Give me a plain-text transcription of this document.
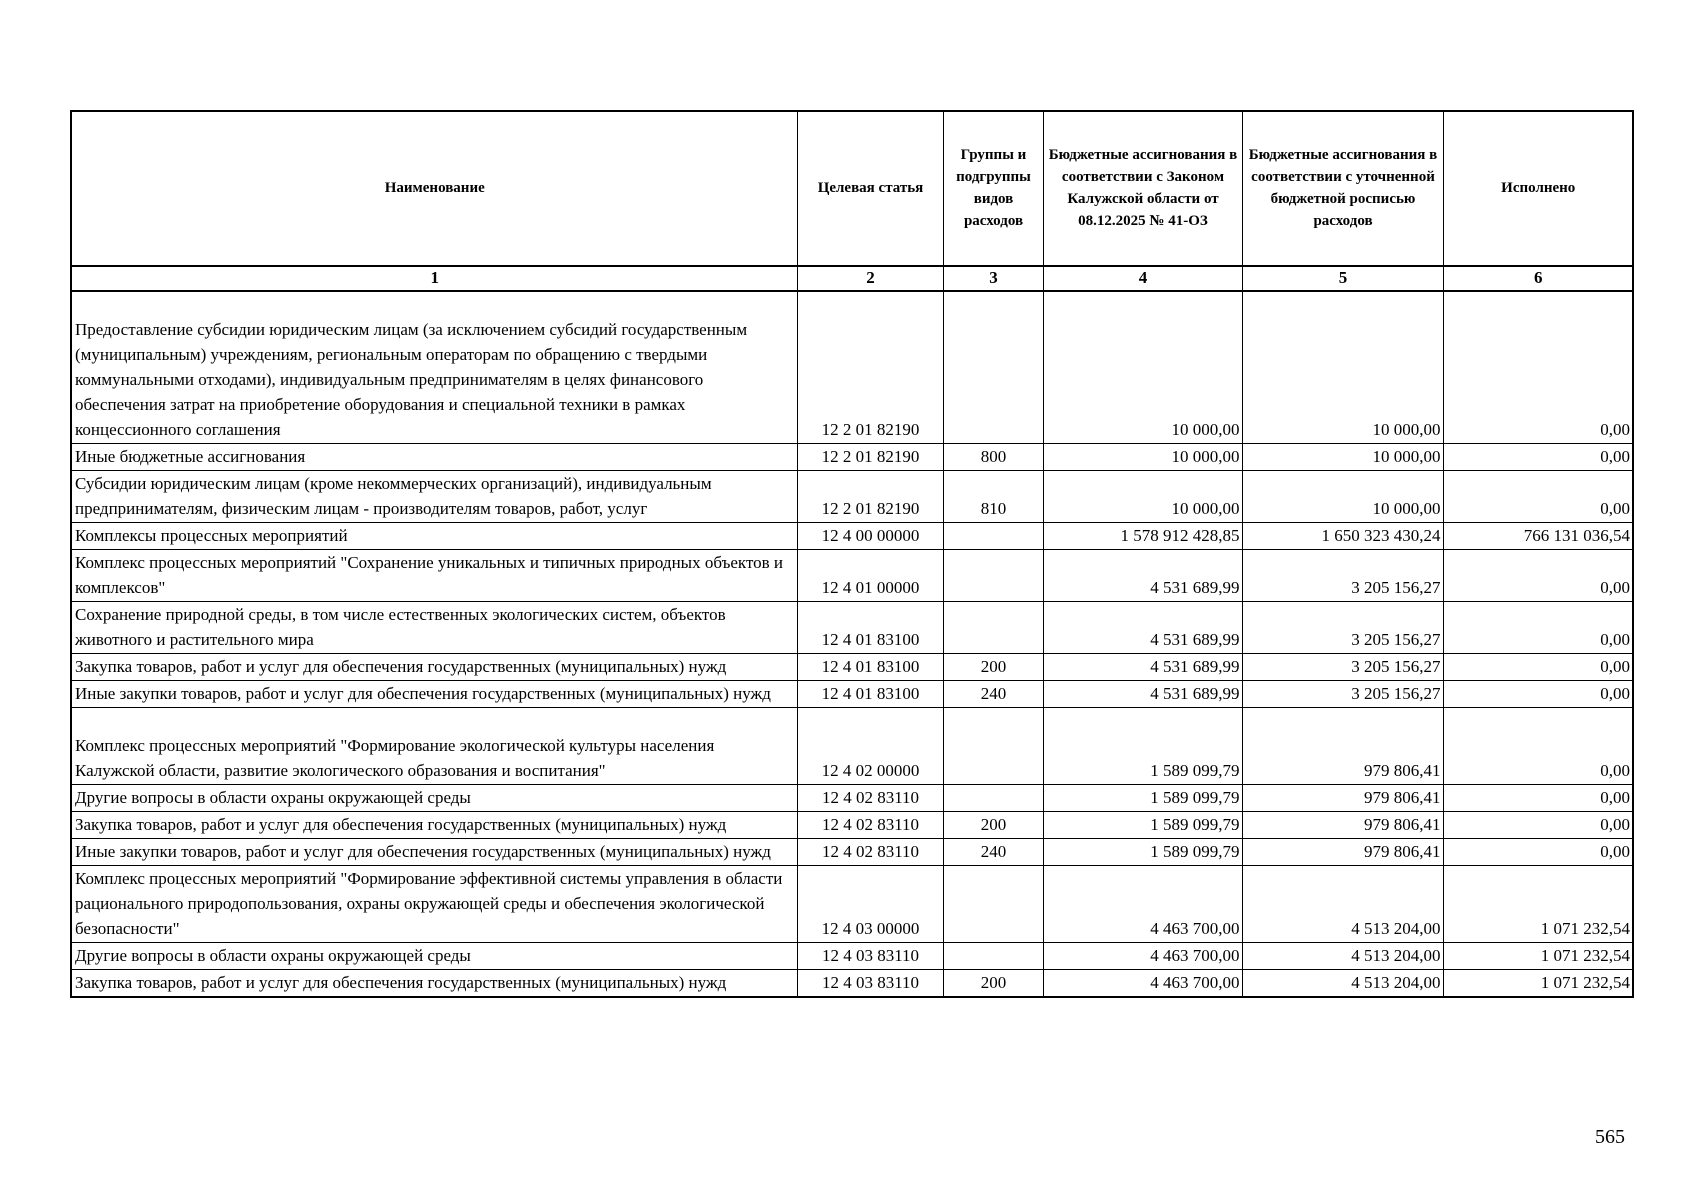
Наименование	Целевая статья	Группы и подгруппы видов расходов	Бюджетные ассигнования в соответствии с Законом Калужской области от 08.12.2025 № 41-ОЗ	Бюджетные ассигнования в соответствии с уточненной бюджетной росписью расходов	Исполнено
1	2	3	4	5	6

Предоставление субсидии юридическим лицам (за исключением субсидий государственным (муниципальным) учреждениям, региональным операторам по обращению с твердыми коммунальными отходами), индивидуальным предпринимателям в целях финансового обеспечения затрат на приобретение оборудования и специальной техники в рамках концессионного соглашения	12 2 01 82190		10 000,00	10 000,00	0,00
Иные бюджетные ассигнования	12 2 01 82190	800	10 000,00	10 000,00	0,00
Субсидии юридическим лицам (кроме некоммерческих организаций), индивидуальным предпринимателям, физическим лицам - производителям товаров, работ, услуг	12 2 01 82190	810	10 000,00	10 000,00	0,00
Комплексы процессных мероприятий	12 4 00 00000		1 578 912 428,85	1 650 323 430,24	766 131 036,54
Комплекс процессных мероприятий "Сохранение уникальных и типичных природных объектов и комплексов"	12 4 01 00000		4 531 689,99	3 205 156,27	0,00
Сохранение природной среды, в том числе естественных экологических систем, объектов животного и растительного мира	12 4 01 83100		4 531 689,99	3 205 156,27	0,00
Закупка товаров, работ и услуг для обеспечения государственных (муниципальных) нужд	12 4 01 83100	200	4 531 689,99	3 205 156,27	0,00
Иные закупки товаров, работ и услуг для обеспечения государственных (муниципальных) нужд	12 4 01 83100	240	4 531 689,99	3 205 156,27	0,00

Комплекс процессных мероприятий "Формирование экологической культуры населения Калужской области, развитие экологического образования и воспитания"	12 4 02 00000		1 589 099,79	979 806,41	0,00
Другие вопросы в области охраны окружающей среды	12 4 02 83110		1 589 099,79	979 806,41	0,00
Закупка товаров, работ и услуг для обеспечения государственных (муниципальных) нужд	12 4 02 83110	200	1 589 099,79	979 806,41	0,00
Иные закупки товаров, работ и услуг для обеспечения государственных (муниципальных) нужд	12 4 02 83110	240	1 589 099,79	979 806,41	0,00
Комплекс процессных мероприятий "Формирование эффективной системы управления в области рационального природопользования, охраны окружающей среды и обеспечения экологической безопасности"	12 4 03 00000		4 463 700,00	4 513 204,00	1 071 232,54
Другие вопросы в области охраны окружающей среды	12 4 03 83110		4 463 700,00	4 513 204,00	1 071 232,54
Закупка товаров, работ и услуг для обеспечения государственных (муниципальных) нужд	12 4 03 83110	200	4 463 700,00	4 513 204,00	1 071 232,54
565
